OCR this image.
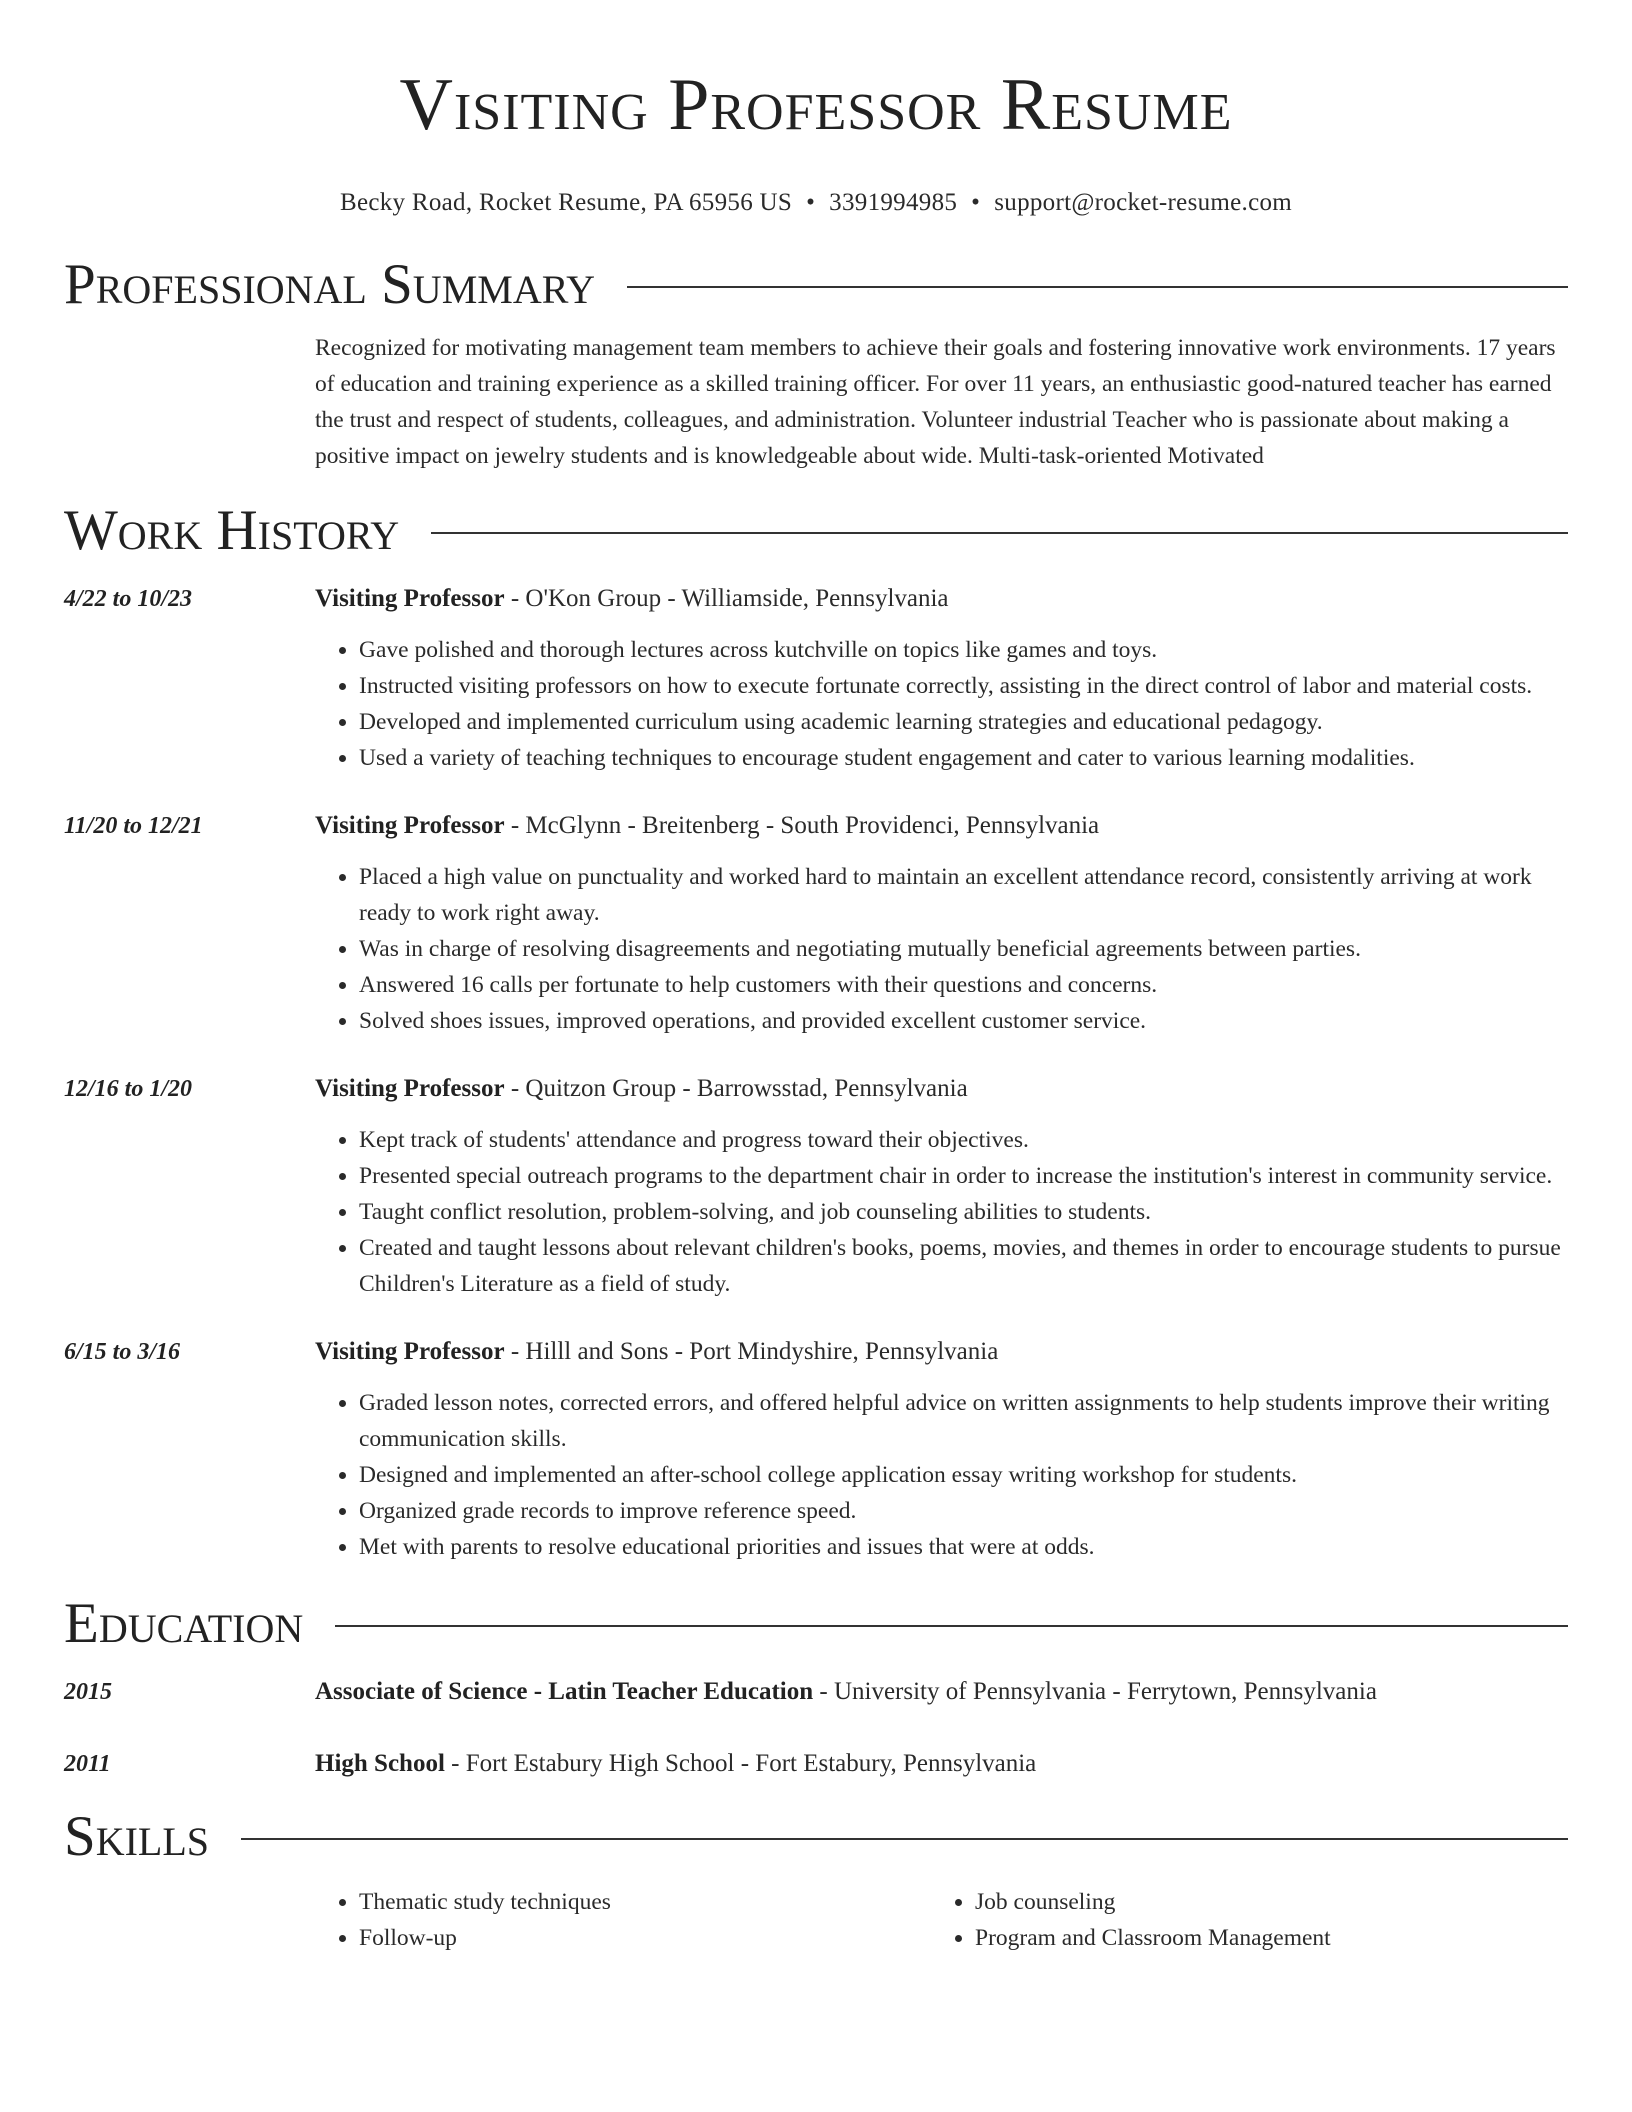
Visiting Professor Resume
Becky Road, Rocket Resume, PA 65956 US • 3391994985 • support@rocket-resume.com
Professional Summary
Recognized for motivating management team members to achieve their goals and fostering innovative work environments. 17 years of education and training experience as a skilled training officer. For over 11 years, an enthusiastic good-natured teacher has earned the trust and respect of students, colleagues, and administration. Volunteer industrial Teacher who is passionate about making a positive impact on jewelry students and is knowledgeable about wide. Multi-task-oriented Motivated
Work History
4/22 to 10/23	Visiting Professor - O'Kon Group - Williamside, Pennsylvania
• Gave polished and thorough lectures across kutchville on topics like games and toys.
• Instructed visiting professors on how to execute fortunate correctly, assisting in the direct control of labor and material costs.
• Developed and implemented curriculum using academic learning strategies and educational pedagogy.
• Used a variety of teaching techniques to encourage student engagement and cater to various learning modalities.
11/20 to 12/21	Visiting Professor - McGlynn - Breitenberg - South Providenci, Pennsylvania
• Placed a high value on punctuality and worked hard to maintain an excellent attendance record, consistently arriving at work ready to work right away.
• Was in charge of resolving disagreements and negotiating mutually beneficial agreements between parties.
• Answered 16 calls per fortunate to help customers with their questions and concerns.
• Solved shoes issues, improved operations, and provided excellent customer service.
12/16 to 1/20	Visiting Professor - Quitzon Group - Barrowsstad, Pennsylvania
• Kept track of students' attendance and progress toward their objectives.
• Presented special outreach programs to the department chair in order to increase the institution's interest in community service.
• Taught conflict resolution, problem-solving, and job counseling abilities to students.
• Created and taught lessons about relevant children's books, poems, movies, and themes in order to encourage students to pursue Children's Literature as a field of study.
6/15 to 3/16	Visiting Professor - Hilll and Sons - Port Mindyshire, Pennsylvania
• Graded lesson notes, corrected errors, and offered helpful advice on written assignments to help students improve their writing communication skills.
• Designed and implemented an after-school college application essay writing workshop for students.
• Organized grade records to improve reference speed.
• Met with parents to resolve educational priorities and issues that were at odds.
Education
2015	Associate of Science - Latin Teacher Education - University of Pennsylvania - Ferrytown, Pennsylvania
2011	High School - Fort Estabury High School - Fort Estabury, Pennsylvania
Skills
• Thematic study techniques
• Follow-up
• Job counseling
• Program and Classroom Management
